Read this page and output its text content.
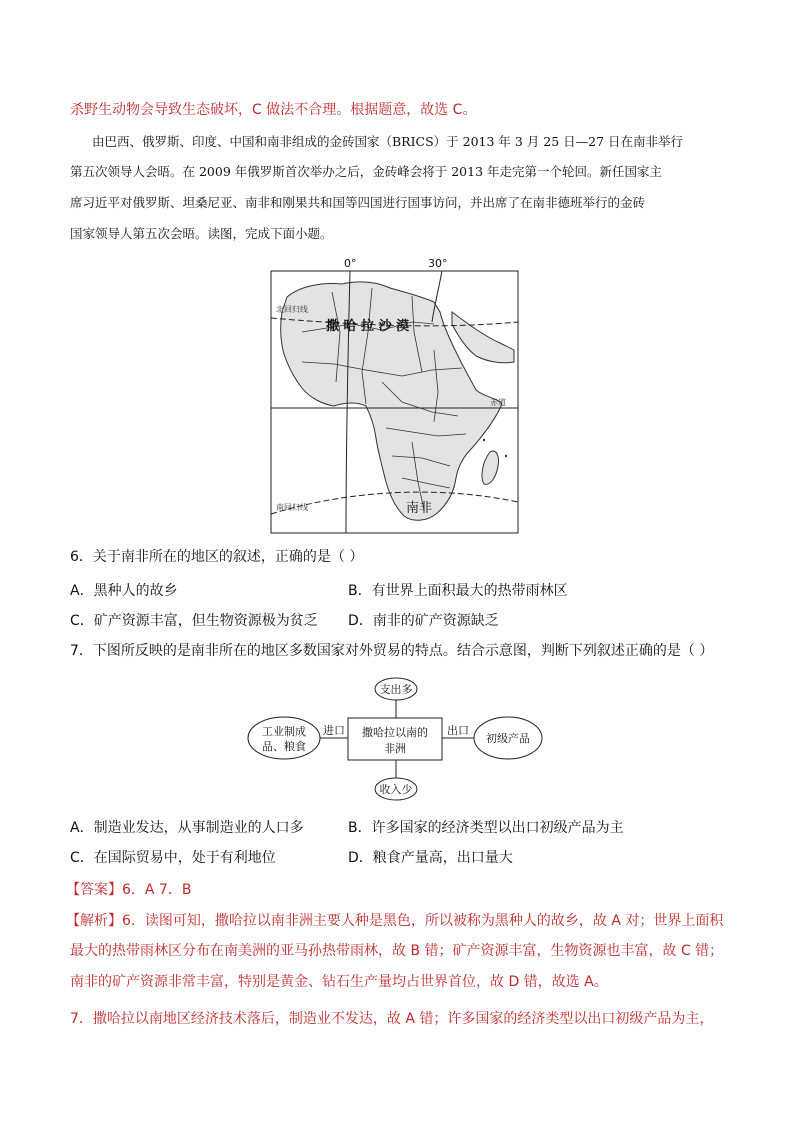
杀野生动物会导致生态破坏，C 做法不合理。根据题意，故选 C。
由巴西、俄罗斯、印度、中国和南非组成的金砖国家（BRICS）于 2013 年 3 月 25 日—27 日在南非举行
第五次领导人会晤。在 2009 年俄罗斯首次举办之后，金砖峰会将于 2013 年走完第一个轮回。新任国家主
席习近平对俄罗斯、坦桑尼亚、南非和刚果共和国等四国进行国事访问，并出席了在南非德班举行的金砖
国家领导人第五次会晤。读图，完成下面小题。
0°	30°
北回归线
撒 哈 拉 沙 漠
赤道
南回归线	南非
6．关于南非所在的地区的叙述，正确的是（ ）
A．黑种人的故乡	B．有世界上面积最大的热带雨林区
C．矿产资源丰富，但生物资源极为贫乏 D．南非的矿产资源缺乏
7．下图所反映的是南非所在的地区多数国家对外贸易的特点。结合示意图，判断下列叙述正确的是（ ）
支出多
撒哈拉以南的
非洲
工业制成
品、粮食
初级产品
收入少
进口	出口
A．制造业发达，从事制造业的人口多	B．许多国家的经济类型以出口初级产品为主
C．在国际贸易中，处于有利地位	D．粮食产量高，出口量大
【答案】6．A 7．B
【解析】6．读图可知，撒哈拉以南非洲主要人种是黑色，所以被称为黑种人的故乡，故 A 对；世界上面积
最大的热带雨林区分布在南美洲的亚马孙热带雨林，故 B 错；矿产资源丰富，生物资源也丰富，故 C 错；
南非的矿产资源非常丰富，特别是黄金、钻石生产量均占世界首位，故 D 错，故选 A。
7．撒哈拉以南地区经济技术落后，制造业不发达，故 A 错；许多国家的经济类型以出口初级产品为主，
